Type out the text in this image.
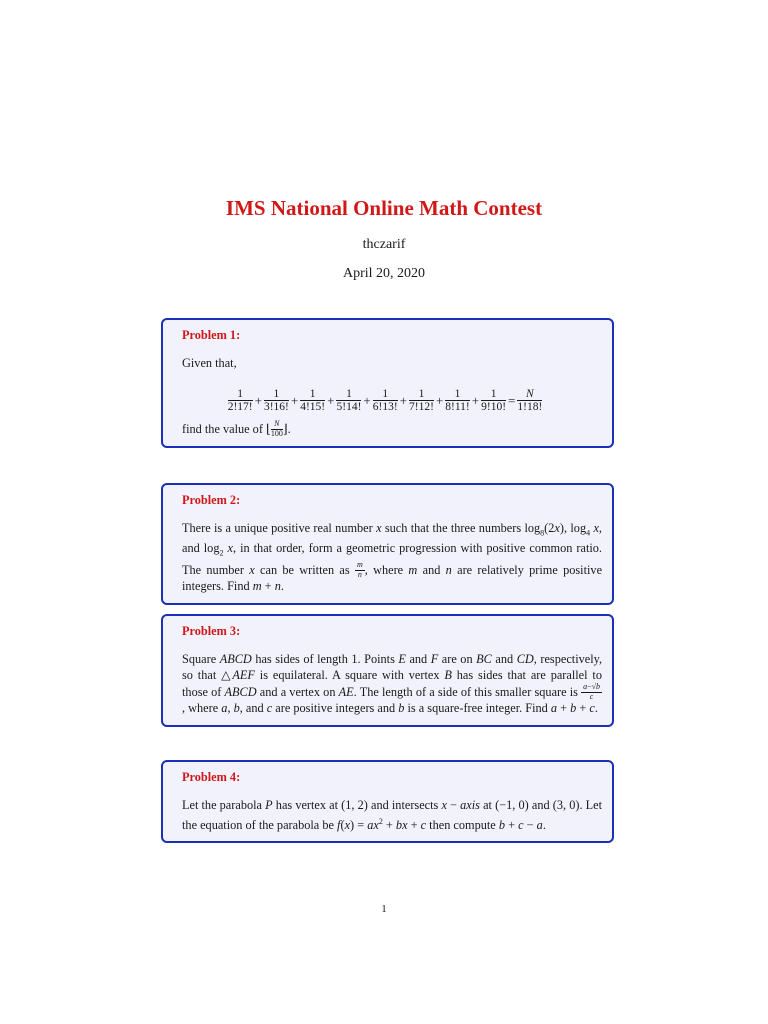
IMS National Online Math Contest
thczarif
April 20, 2020
Problem 1:

Given that,

$\frac{1}{2!17!} + \frac{1}{3!16!} + \frac{1}{4!15!} + \frac{1}{5!14!} + \frac{1}{6!13!} + \frac{1}{7!12!} + \frac{1}{8!11!} + \frac{1}{9!10!} = \frac{N}{1!18!}$

find the value of ⌊ $\frac{N}{100}$ ⌋.

Problem 2:

There is a unique positive real number x such that the three numbers $\log_8(2x)$, $\log_4 x$, and $\log_2 x$, in that order, form a geometric progression with positive common ratio. The number x can be written as $\frac{m}{n}$ , where m and n are relatively prime positive integers. Find m + n.

Problem 3:

Square ABCD has sides of length 1. Points E and F are on BC and CD, respectively, so that △AEF is equilateral. A square with vertex B has sides that are parallel to those of ABCD and a vertex on AE. The length of a side of this smaller square is $\frac{a-√b}{c}$
, where a, b, and c are positive integers and b is a square-free integer. Find a + b + c.

Problem 4:

Let the parabola P has vertex at (1, 2) and intersects x − axis at (−1, 0) and (3, 0). Let the equation of the parabola be $f(x) = ax^2$ + bx + c then compute b + c − a.

1
